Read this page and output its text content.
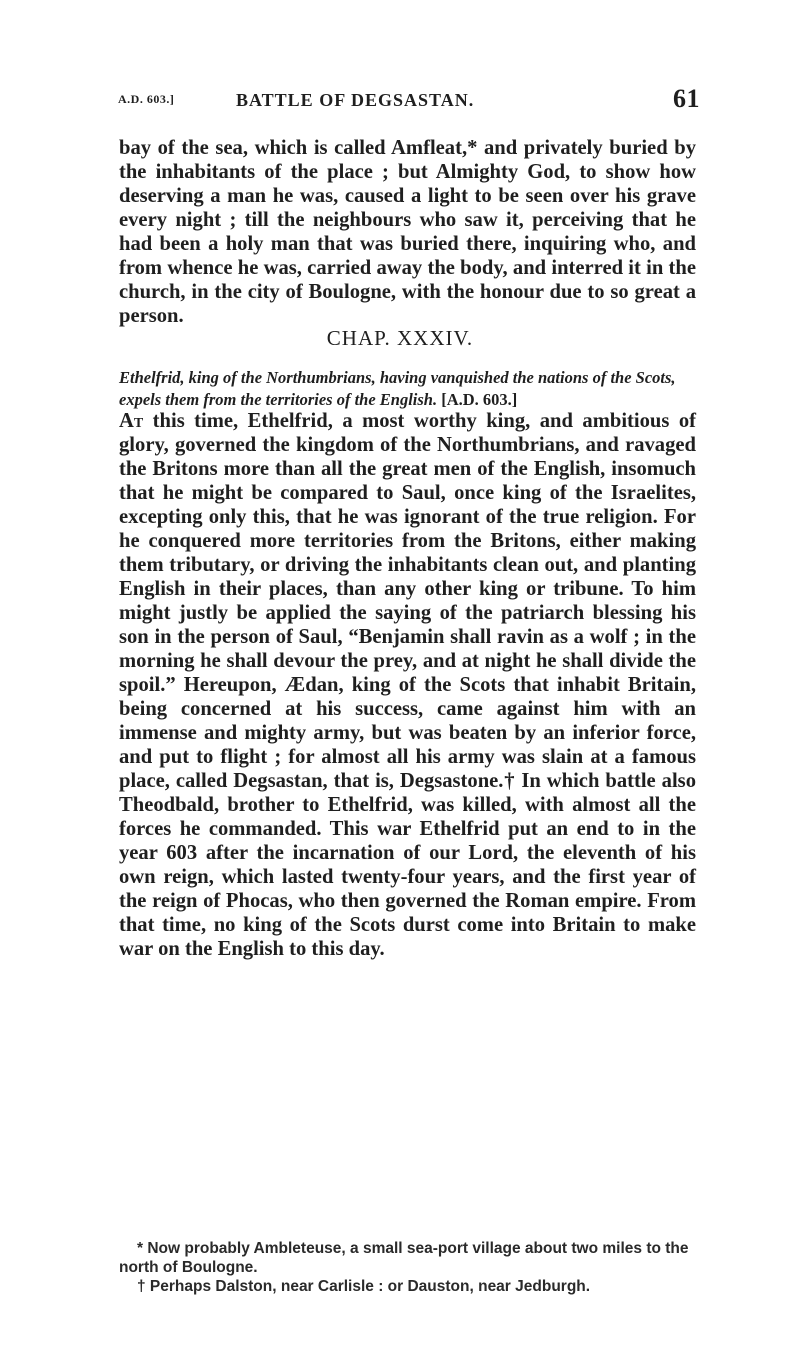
A.D. 603.]	BATTLE OF DEGSASTAN.	61

bay of the sea, which is called Amfleat,* and privately buried by the inhabitants of the place ; but Almighty God, to show how deserving a man he was, caused a light to be seen over his grave every night ; till the neighbours who saw it, perceiving that he had been a holy man that was buried there, inquiring who, and from whence he was, carried away the body, and interred it in the church, in the city of Boulogne, with the honour due to so great a person.

CHAP. XXXIV.
Ethelfrid, king of the Northumbrians, having vanquished the nations of the Scots, expels them from the territories of the English. [A.D. 603.]

At this time, Ethelfrid, a most worthy king, and ambitious of glory, governed the kingdom of the Northumbrians, and ravaged the Britons more than all the great men of the English, insomuch that he might be compared to Saul, once king of the Israelites, excepting only this, that he was ignorant of the true religion. For he conquered more territories from the Britons, either making them tributary, or driving the inhabitants clean out, and planting English in their places, than any other king or tribune. To him might justly be applied the saying of the patriarch blessing his son in the person of Saul, “Benjamin shall ravin as a wolf ; in the morning he shall devour the prey, and at night he shall divide the spoil.” Hereupon, Ædan, king of the Scots that inhabit Britain, being concerned at his success, came against him with an immense and mighty army, but was beaten by an inferior force, and put to flight ; for almost all his army was slain at a famous place, called Degsastan, that is, Degsastone.† In which battle also Theodbald, brother to Ethelfrid, was killed, with almost all the forces he commanded. This war Ethelfrid put an end to in the year 603 after the incarnation of our Lord, the eleventh of his own reign, which lasted twenty-four years, and the first year of the reign of Phocas, who then governed the Roman empire. From that time, no king of the Scots durst come into Britain to make war on the English to this day.

* Now probably Ambleteuse, a small sea-port village about two miles to the north of Boulogne.

† Perhaps Dalston, near Carlisle : or Dauston, near Jedburgh.
